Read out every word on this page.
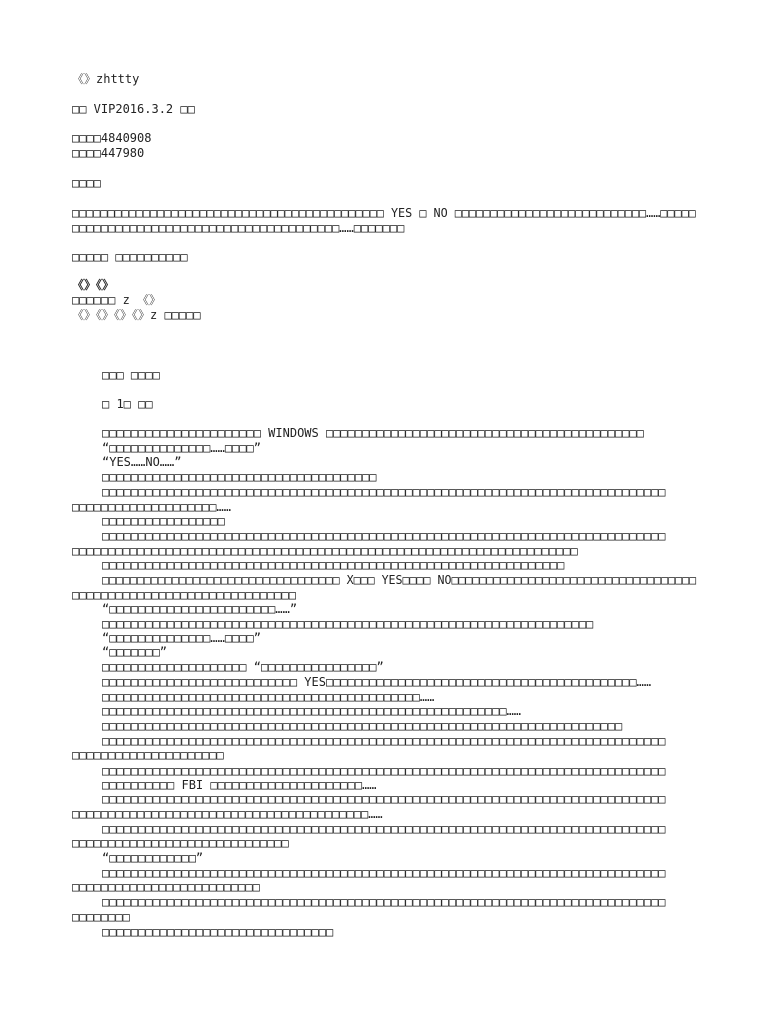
《》zhttty
□□ VIP2016.3.2 □□
□□□□4840908
□□□□447980
□□□□
□□□□□□□□□□□□□□□□□□□□□□□□□□□□□□□□□□□□□□□□□□□□ YES □ NO □□□□□□□□□□□□□□□□□□□□□□□□□□□……□□□□□
□□□□□□□□□□□□□□□□□□□□□□□□□□□□□□□□□□□□□……□□□□□□□
□□□□□ □□□□□□□□□□
《》《》
□□□□□□ z 《》
《》《》《》《》z □□□□□
□□□ □□□□
□ 1□ □□
□□□□□□□□□□□□□□□□□□□□□□ WINDOWS □□□□□□□□□□□□□□□□□□□□□□□□□□□□□□□□□□□□□□□□□□□□
“□□□□□□□□□□□□□□……□□□□”
“YES……NO……”
□□□□□□□□□□□□□□□□□□□□□□□□□□□□□□□□□□□□□□
□□□□□□□□□□□□□□□□□□□□□□□□□□□□□□□□□□□□□□□□□□□□□□□□□□□□□□□□□□□□□□□□□□□□□□□□□□□□□□
□□□□□□□□□□□□□□□□□□□□……
□□□□□□□□□□□□□□□□□
□□□□□□□□□□□□□□□□□□□□□□□□□□□□□□□□□□□□□□□□□□□□□□□□□□□□□□□□□□□□□□□□□□□□□□□□□□□□□□
□□□□□□□□□□□□□□□□□□□□□□□□□□□□□□□□□□□□□□□□□□□□□□□□□□□□□□□□□□□□□□□□□□□□□□
□□□□□□□□□□□□□□□□□□□□□□□□□□□□□□□□□□□□□□□□□□□□□□□□□□□□□□□□□□□□□□□□
□□□□□□□□□□□□□□□□□□□□□□□□□□□□□□□□□□ X□□□ YES□□□□ NO□□□□□□□□□□□□□□□□□□□□□□□□□□□□□□□□□□□
□□□□□□□□□□□□□□□□□□□□□□□□□□□□□□□
“□□□□□□□□□□□□□□□□□□□□□□□……”
□□□□□□□□□□□□□□□□□□□□□□□□□□□□□□□□□□□□□□□□□□□□□□□□□□□□□□□□□□□□□□□□□□□□
“□□□□□□□□□□□□□□……□□□□”
“□□□□□□□”
□□□□□□□□□□□□□□□□□□□□ “□□□□□□□□□□□□□□□□”
□□□□□□□□□□□□□□□□□□□□□□□□□□□ YES□□□□□□□□□□□□□□□□□□□□□□□□□□□□□□□□□□□□□□□□□□□……
□□□□□□□□□□□□□□□□□□□□□□□□□□□□□□□□□□□□□□□□□□□□……
□□□□□□□□□□□□□□□□□□□□□□□□□□□□□□□□□□□□□□□□□□□□□□□□□□□□□□□□……
□□□□□□□□□□□□□□□□□□□□□□□□□□□□□□□□□□□□□□□□□□□□□□□□□□□□□□□□□□□□□□□□□□□□□□□□
□□□□□□□□□□□□□□□□□□□□□□□□□□□□□□□□□□□□□□□□□□□□□□□□□□□□□□□□□□□□□□□□□□□□□□□□□□□□□□
□□□□□□□□□□□□□□□□□□□□□
□□□□□□□□□□□□□□□□□□□□□□□□□□□□□□□□□□□□□□□□□□□□□□□□□□□□□□□□□□□□□□□□□□□□□□□□□□□□□□
□□□□□□□□□□ FBI □□□□□□□□□□□□□□□□□□□□□……
□□□□□□□□□□□□□□□□□□□□□□□□□□□□□□□□□□□□□□□□□□□□□□□□□□□□□□□□□□□□□□□□□□□□□□□□□□□□□□
□□□□□□□□□□□□□□□□□□□□□□□□□□□□□□□□□□□□□□□□□……
□□□□□□□□□□□□□□□□□□□□□□□□□□□□□□□□□□□□□□□□□□□□□□□□□□□□□□□□□□□□□□□□□□□□□□□□□□□□□□
□□□□□□□□□□□□□□□□□□□□□□□□□□□□□□
“□□□□□□□□□□□□”
□□□□□□□□□□□□□□□□□□□□□□□□□□□□□□□□□□□□□□□□□□□□□□□□□□□□□□□□□□□□□□□□□□□□□□□□□□□□□□
□□□□□□□□□□□□□□□□□□□□□□□□□□
□□□□□□□□□□□□□□□□□□□□□□□□□□□□□□□□□□□□□□□□□□□□□□□□□□□□□□□□□□□□□□□□□□□□□□□□□□□□□□
□□□□□□□□
□□□□□□□□□□□□□□□□□□□□□□□□□□□□□□□□
